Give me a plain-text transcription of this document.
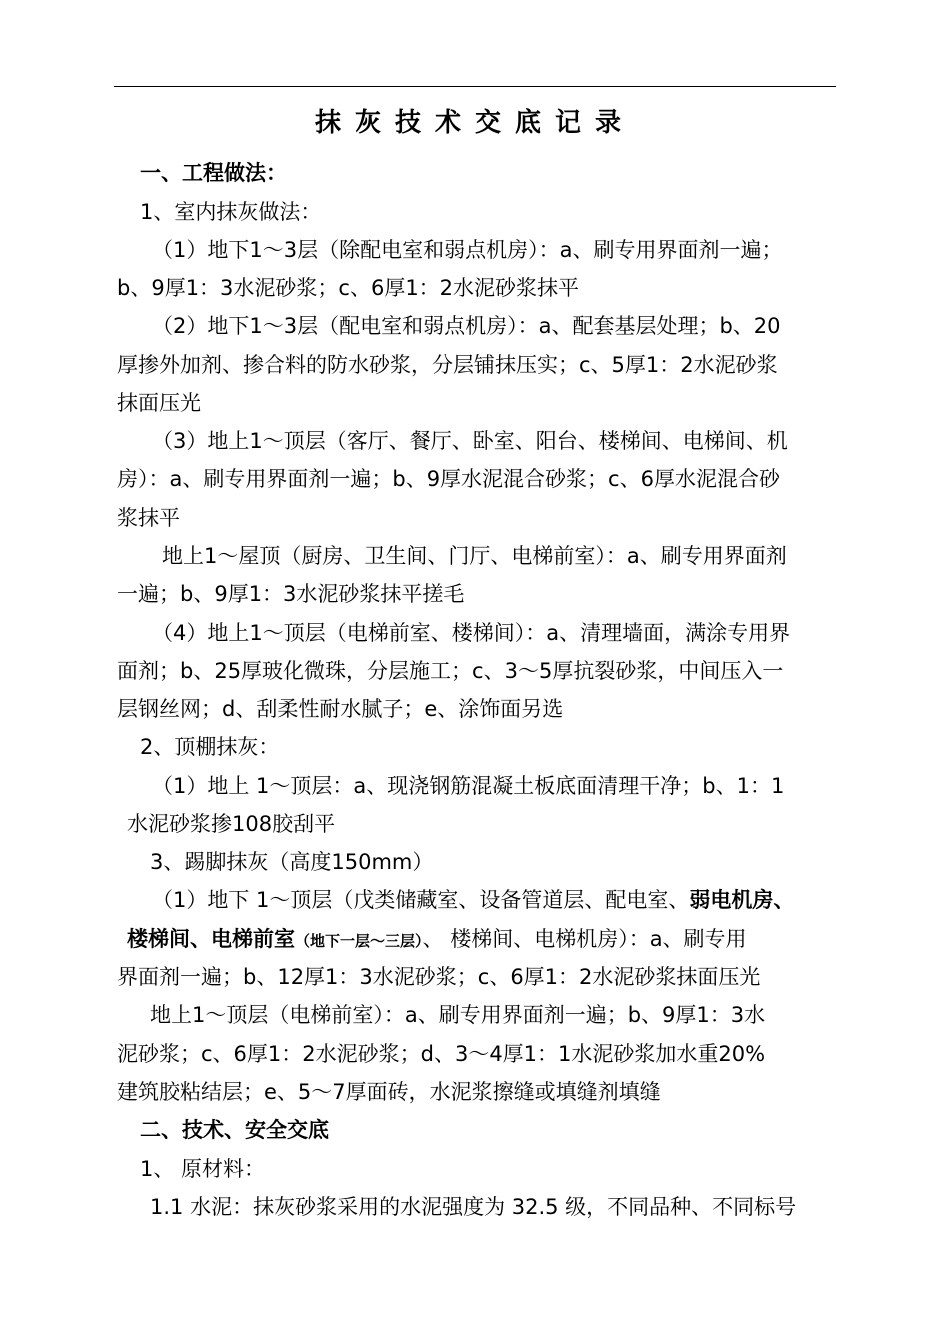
抹灰技术交底记录
一、工程做法：
1、室内抹灰做法：
（1）地下1～3层（除配电室和弱点机房）：a、刷专用界面剂一遍；
b、9厚1：3水泥砂浆；c、6厚1：2水泥砂浆抹平
（2）地下1～3层（配电室和弱点机房）：a、配套基层处理；b、20
厚掺外加剂、掺合料的防水砂浆，分层铺抹压实；c、5厚1：2水泥砂浆
抹面压光
（3）地上1～顶层（客厅、餐厅、卧室、阳台、楼梯间、电梯间、机
房）：a、刷专用界面剂一遍；b、9厚水泥混合砂浆；c、6厚水泥混合砂
浆抹平
地上1～屋顶（厨房、卫生间、门厅、电梯前室）：a、刷专用界面剂
一遍；b、9厚1：3水泥砂浆抹平搓毛
（4）地上1～顶层（电梯前室、楼梯间）：a、清理墙面，满涂专用界
面剂；b、25厚玻化微珠，分层施工；c、3～5厚抗裂砂浆，中间压入一
层钢丝网；d、刮柔性耐水腻子；e、涂饰面另选
2、顶棚抹灰：
（1）地上 1～顶层：a、现浇钢筋混凝土板底面清理干净；b、1：1
水泥砂浆掺108胶刮平
3、踢脚抹灰（高度150mm）
（1）地下 1～顶层（戊类储藏室、设备管道层、配电室、弱电机房、
楼梯间、电梯前室（地下一层～三层）、 楼梯间、电梯机房）：a、刷专用
界面剂一遍；b、12厚1：3水泥砂浆；c、6厚1：2水泥砂浆抹面压光
地上1～顶层（电梯前室）：a、刷专用界面剂一遍；b、9厚1：3水
泥砂浆；c、6厚1：2水泥砂浆；d、3～4厚1：1水泥砂浆加水重20%
建筑胶粘结层；e、5～7厚面砖，水泥浆擦缝或填缝剂填缝
二、技术、安全交底
1、 原材料：
1.1 水泥：抹灰砂浆采用的水泥强度为 32.5 级，不同品种、不同标号
